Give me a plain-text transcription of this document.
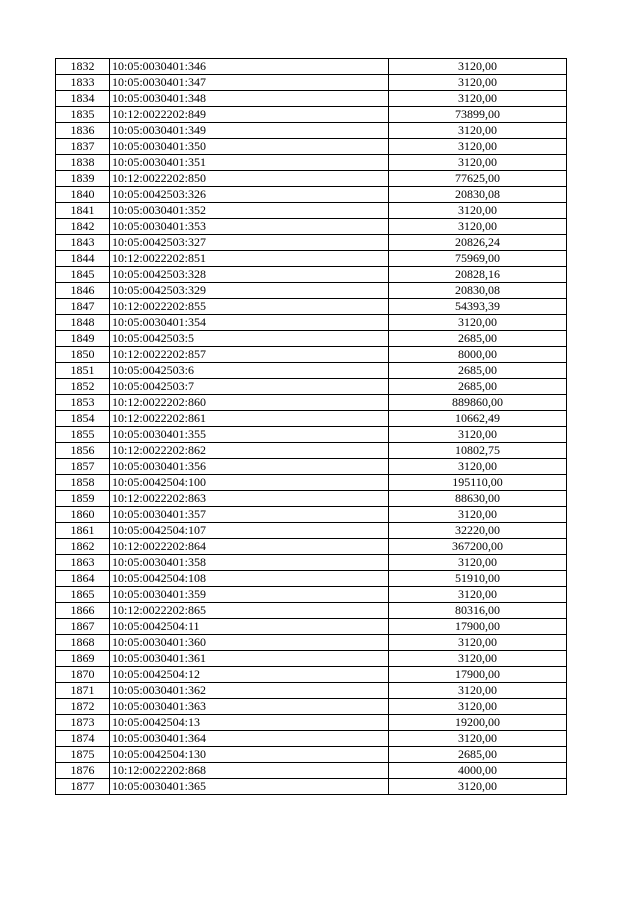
1832	10:05:0030401:346	3120,00
1833	10:05:0030401:347	3120,00
1834	10:05:0030401:348	3120,00
1835	10:12:0022202:849	73899,00
1836	10:05:0030401:349	3120,00
1837	10:05:0030401:350	3120,00
1838	10:05:0030401:351	3120,00
1839	10:12:0022202:850	77625,00
1840	10:05:0042503:326	20830,08
1841	10:05:0030401:352	3120,00
1842	10:05:0030401:353	3120,00
1843	10:05:0042503:327	20826,24
1844	10:12:0022202:851	75969,00
1845	10:05:0042503:328	20828,16
1846	10:05:0042503:329	20830,08
1847	10:12:0022202:855	54393,39
1848	10:05:0030401:354	3120,00
1849	10:05:0042503:5	2685,00
1850	10:12:0022202:857	8000,00
1851	10:05:0042503:6	2685,00
1852	10:05:0042503:7	2685,00
1853	10:12:0022202:860	889860,00
1854	10:12:0022202:861	10662,49
1855	10:05:0030401:355	3120,00
1856	10:12:0022202:862	10802,75
1857	10:05:0030401:356	3120,00
1858	10:05:0042504:100	195110,00
1859	10:12:0022202:863	88630,00
1860	10:05:0030401:357	3120,00
1861	10:05:0042504:107	32220,00
1862	10:12:0022202:864	367200,00
1863	10:05:0030401:358	3120,00
1864	10:05:0042504:108	51910,00
1865	10:05:0030401:359	3120,00
1866	10:12:0022202:865	80316,00
1867	10:05:0042504:11	17900,00
1868	10:05:0030401:360	3120,00
1869	10:05:0030401:361	3120,00
1870	10:05:0042504:12	17900,00
1871	10:05:0030401:362	3120,00
1872	10:05:0030401:363	3120,00
1873	10:05:0042504:13	19200,00
1874	10:05:0030401:364	3120,00
1875	10:05:0042504:130	2685,00
1876	10:12:0022202:868	4000,00
1877	10:05:0030401:365	3120,00
